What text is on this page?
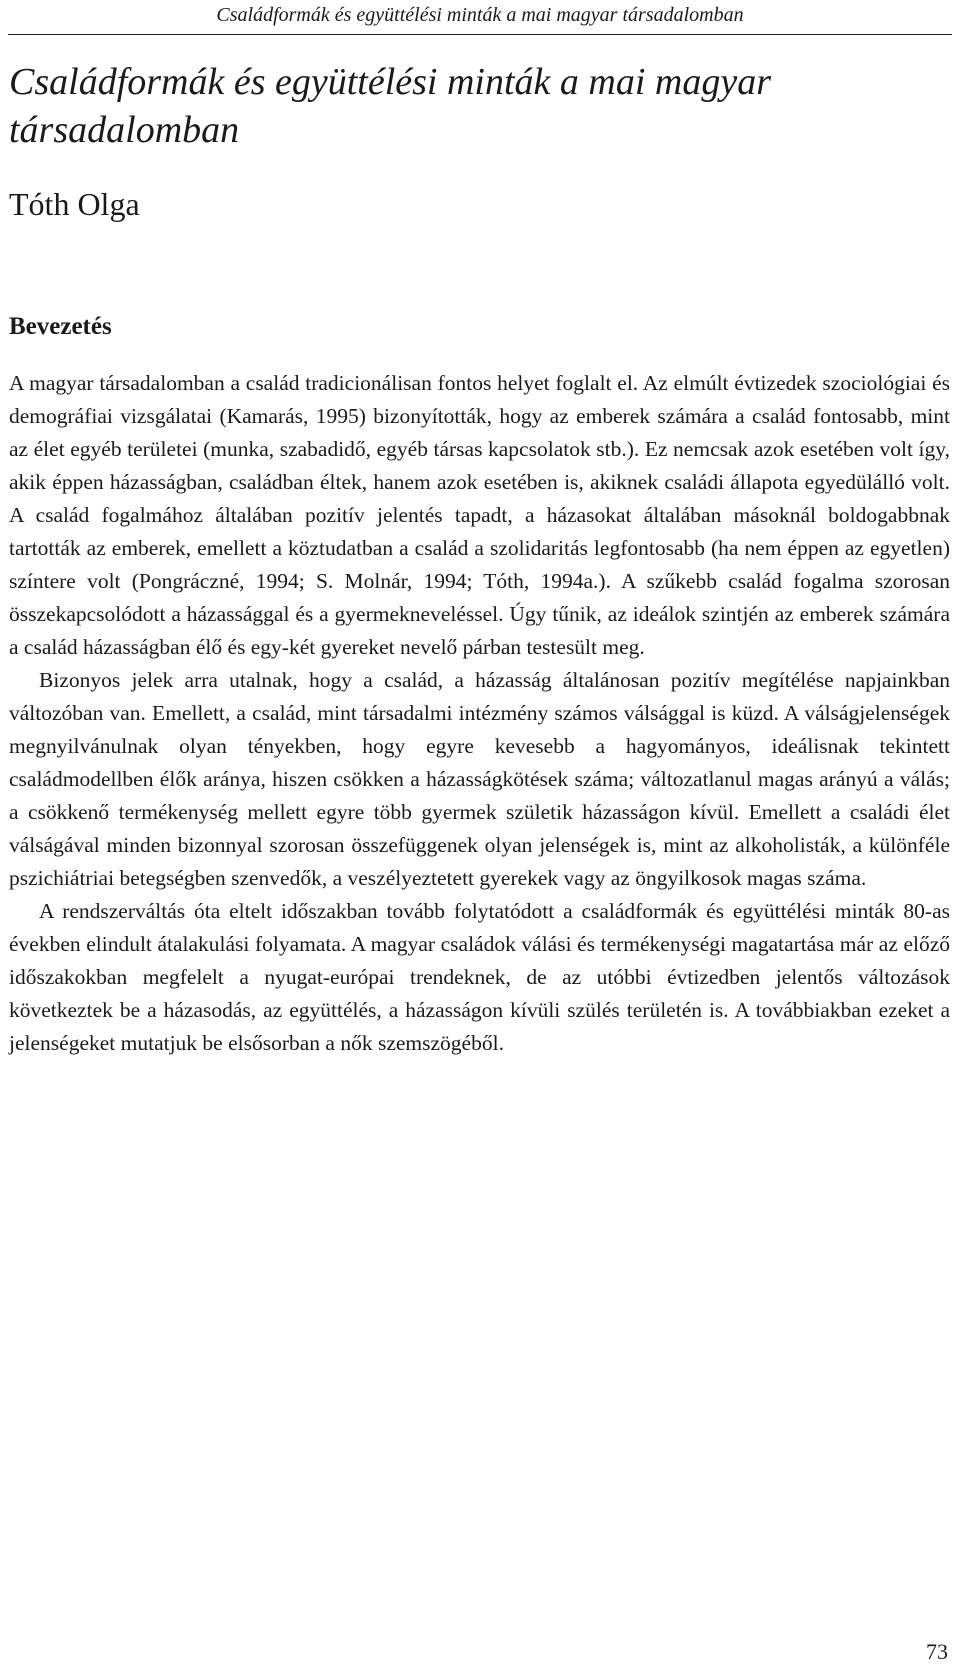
Családformák és együttélési minták a mai magyar társadalomban
Családformák és együttélési minták a mai magyar társadalomban
Tóth Olga
Bevezetés

A magyar társadalomban a család tradicionálisan fontos helyet foglalt el. Az elmúlt évtizedek szociológiai és demográfiai vizsgálatai (Kamarás, 1995) bizonyították, hogy az emberek számára a család fontosabb, mint az élet egyéb területei (munka, szabadidő, egyéb társas kapcsolatok stb.). Ez nemcsak azok esetében volt így, akik éppen házasságban, családban éltek, hanem azok esetében is, akiknek családi állapota egyedülálló volt. A család fogalmához általában pozitív jelentés tapadt, a házasokat általában másoknál boldogabbnak tartották az emberek, emellett a köztudatban a család a szolidaritás legfontosabb (ha nem éppen az egyetlen) színtere volt (Pongráczné, 1994; S. Molnár, 1994; Tóth, 1994a.). A szűkebb család fogalma szorosan összekapcsolódott a házassággal és a gyermekneveléssel. Úgy tűnik, az ideálok szintjén az emberek számára a család házasságban élő és egy-két gyereket nevelő párban testesült meg.

Bizonyos jelek arra utalnak, hogy a család, a házasság általánosan pozitív megítélése napjainkban változóban van. Emellett, a család, mint társadalmi intézmény számos válsággal is küzd. A válságjelenségek megnyilvánulnak olyan tényekben, hogy egyre kevesebb a hagyományos, ideálisnak tekintett családmodellben élők aránya, hiszen csökken a házasságkötések száma; változatlanul magas arányú a válás; a csökkenő termékenység mellett egyre több gyermek születik házasságon kívül. Emellett a családi élet válságával minden bizonnyal szorosan összefüggenek olyan jelenségek is, mint az alkoholisták, a különféle pszichiátriai betegségben szenvedők, a veszélyeztetett gyerekek vagy az öngyilkosok magas száma.

A rendszerváltás óta eltelt időszakban tovább folytatódott a családformák és együttélési minták 80-as években elindult átalakulási folyamata. A magyar családok válási és termékenységi magatartása már az előző időszakokban megfelelt a nyugat-európai trendeknek, de az utóbbi évtizedben jelentős változások következtek be a házasodás, az együttélés, a házasságon kívüli szülés területén is. A továbbiakban ezeket a jelenségeket mutatjuk be elsősorban a nők szemszögéből.

73
